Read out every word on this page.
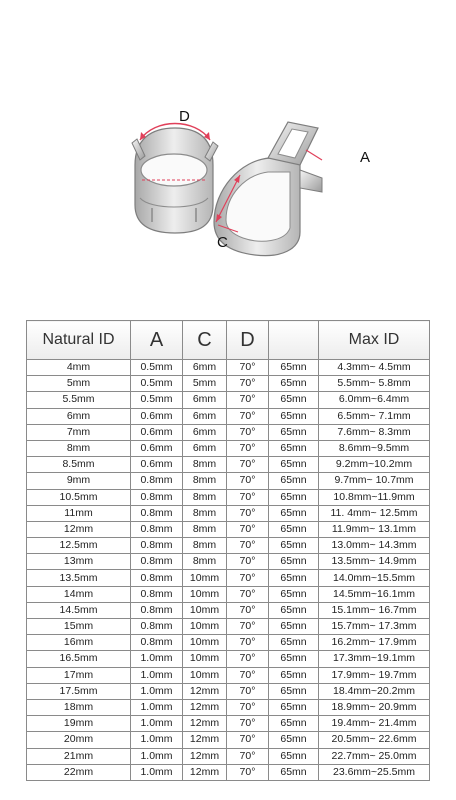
D
A
C
Natural ID	A	C	D		Max ID
4mm	0.5mm	6mm	70°	65mn	4.3mm~ 4.5mm
5mm	0.5mm	5mm	70°	65mn	5.5mm~ 5.8mm
5.5mm	0.5mm	6mm	70°	65mn	6.0mm~6.4mm
6mm	0.6mm	6mm	70°	65mn	6.5mm~ 7.1mm
7mm	0.6mm	6mm	70°	65mn	7.6mm~ 8.3mm
8mm	0.6mm	6mm	70°	65mn	8.6mm~9.5mm
8.5mm	0.6mm	8mm	70°	65mn	9.2mm~10.2mm
9mm	0.8mm	8mm	70°	65mn	9.7mm~ 10.7mm
10.5mm	0.8mm	8mm	70°	65mn	10.8mm~11.9mm
11mm	0.8mm	8mm	70°	65mn	11. 4mm~ 12.5mm
12mm	0.8mm	8mm	70°	65mn	11.9mm~ 13.1mm
12.5mm	0.8mm	8mm	70°	65mn	13.0mm~ 14.3mm
13mm	0.8mm	8mm	70°	65mn	13.5mm~ 14.9mm
13.5mm	0.8mm	10mm	70°	65mn	14.0mm~15.5mm
14mm	0.8mm	10mm	70°	65mn	14.5mm~16.1mm
14.5mm	0.8mm	10mm	70°	65mn	15.1mm~ 16.7mm
15mm	0.8mm	10mm	70°	65mn	15.7mm~ 17.3mm
16mm	0.8mm	10mm	70°	65mn	16.2mm~ 17.9mm
16.5mm	1.0mm	10mm	70°	65mn	17.3mm~19.1mm
17mm	1.0mm	10mm	70°	65mn	17.9mm~ 19.7mm
17.5mm	1.0mm	12mm	70°	65mn	18.4mm~20.2mm
18mm	1.0mm	12mm	70°	65mn	18.9mm~ 20.9mm
19mm	1.0mm	12mm	70°	65mn	19.4mm~ 21.4mm
20mm	1.0mm	12mm	70°	65mn	20.5mm~ 22.6mm
21mm	1.0mm	12mm	70°	65mn	22.7mm~ 25.0mm
22mm	1.0mm	12mm	70°	65mn	23.6mm~25.5mm
